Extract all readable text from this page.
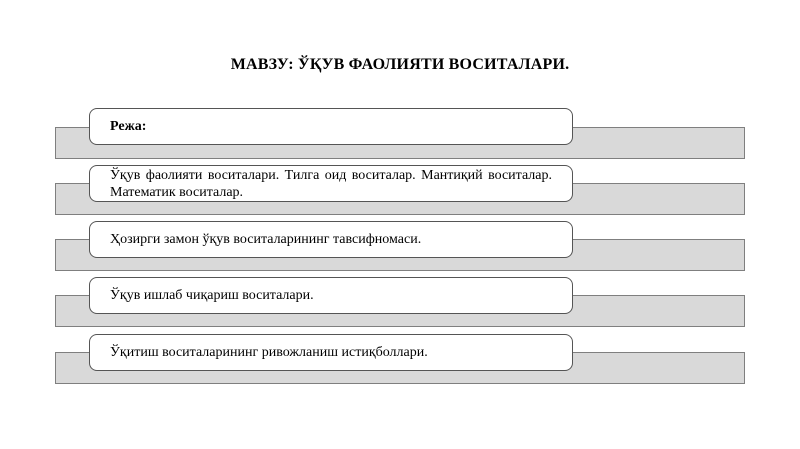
МАВЗУ: ЎҚУВ ФАОЛИЯТИ ВОСИТАЛАРИ.
Режа:
Ўқув фаолияти воситалари. Тилга оид воситалар. Мантиқий воситалар. Математик воситалар.
Ҳозирги замон ўқув воситаларининг тавсифномаси.
Ўқув ишлаб чиқариш воситалари.
Ўқитиш воситаларининг ривожланиш истиқболлари.
